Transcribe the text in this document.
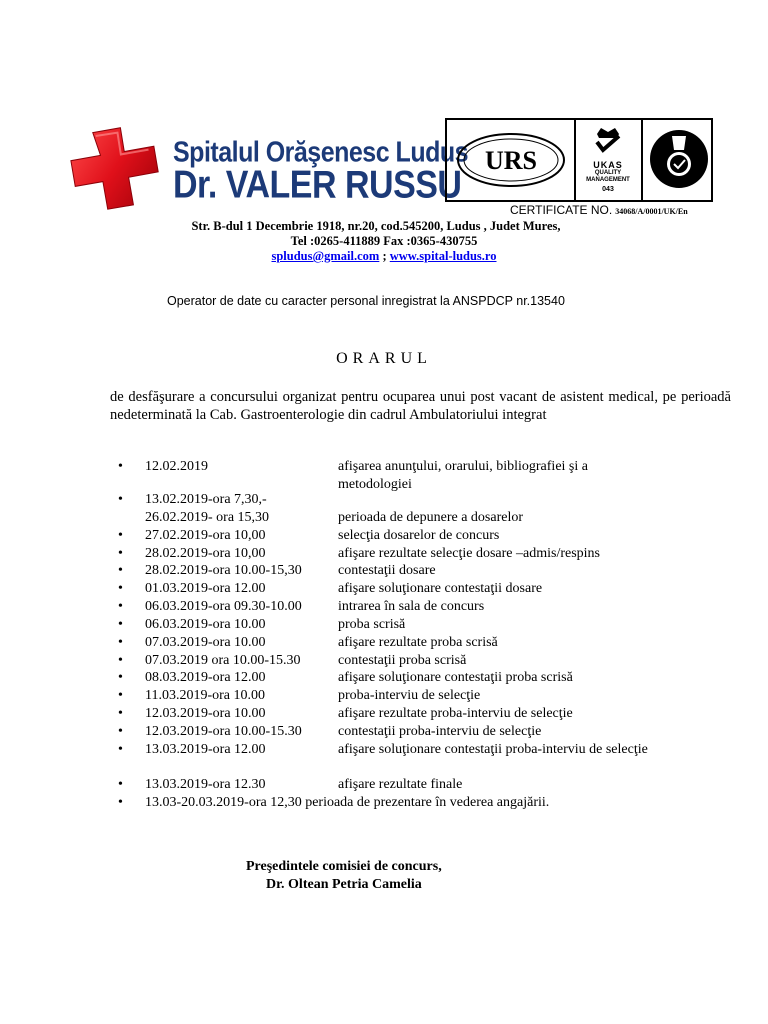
Spitalul Orăşenesc Ludus
Dr. VALER RUSSU
URS	UKAS
QUALITY MANAGEMENT
043
CERTIFICATE NO. 34068/A/0001/UK/En
Str. B-dul 1 Decembrie 1918, nr.20, cod.545200, Ludus , Judet Mures,
Tel :0265-411889 Fax :0365-430755
spludus@gmail.com ; www.spital-ludus.ro
Operator de date cu caracter personal inregistrat la ANSPDCP nr.13540
ORARUL
de desfăşurare a concursului organizat pentru ocuparea unui post vacant de asistent medical, pe perioadă nedeterminată la Cab. Gastroenterologie din cadrul Ambulatoriului integrat
• 12.02.2019	afişarea anunţului, orarului, bibliografiei şi a metodologiei
• 13.02.2019-ora 7,30,-
26.02.2019- ora 15,30	perioada de depunere a dosarelor
• 27.02.2019-ora 10,00	selecţia dosarelor de concurs
• 28.02.2019-ora 10,00	afişare rezultate selecţie dosare –admis/respins
• 28.02.2019-ora 10.00-15,30	contestaţii dosare
• 01.03.2019-ora 12.00	afişare soluţionare contestaţii dosare
• 06.03.2019-ora 09.30-10.00	intrarea în sala de concurs
• 06.03.2019-ora 10.00	proba scrisă
• 07.03.2019-ora 10.00	afişare rezultate proba scrisă
• 07.03.2019 ora 10.00-15.30	contestaţii proba scrisă
• 08.03.2019-ora 12.00	afişare soluţionare contestaţii proba scrisă
• 11.03.2019-ora 10.00	proba-interviu de selecţie
• 12.03.2019-ora 10.00	afişare rezultate proba-interviu de selecţie
• 12.03.2019-ora 10.00-15.30	contestaţii proba-interviu de selecţie
• 13.03.2019-ora 12.00	afişare soluţionare contestaţii proba-interviu de selecţie
• 13.03.2019-ora 12.30	afişare rezultate finale
• 13.03-20.03.2019-ora 12,30 perioada de prezentare în vederea angajării.
Preşedintele comisiei de concurs,
Dr. Oltean Petria Camelia
